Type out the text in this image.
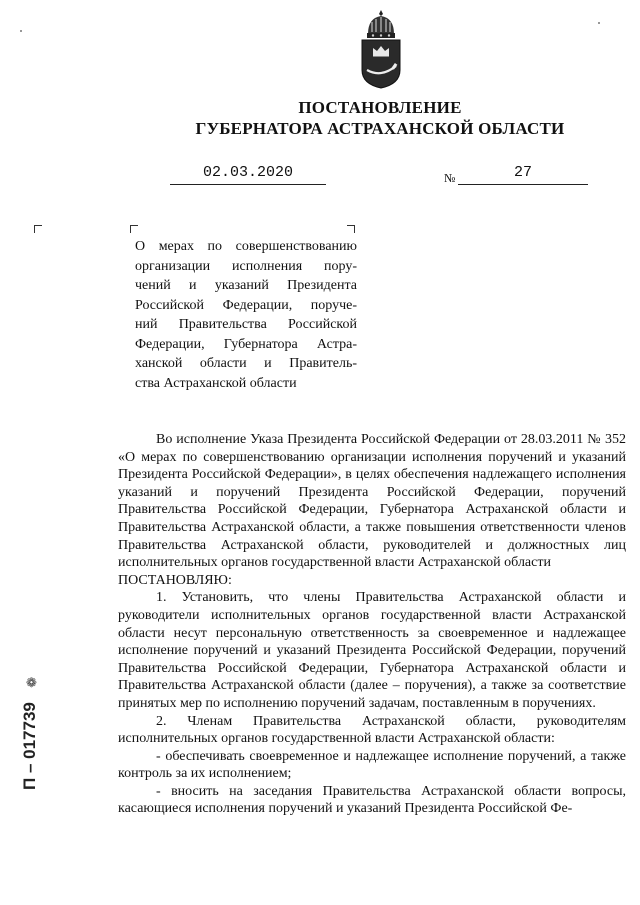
ПОСТАНОВЛЕНИЕ
ГУБЕРНАТОРА АСТРАХАНСКОЙ ОБЛАСТИ
02.03.2020	№	27
О мерах по совершенствованию
организации исполнения пору-
чений и указаний Президента
Российской Федерации, поруче-
ний Правительства Российской
Федерации, Губернатора Астра-
ханской области и Правитель-
ства Астраханской области

Во исполнение Указа Президента Российской Федерации от 28.03.2011 № 352 «О мерах по совершенствованию организации исполнения поручений и указаний Президента Российской Федерации», в целях обеспечения надлежащего исполнения указаний и поручений Президента Российской Федерации, поручений Правительства Российской Федерации, Губернатора Астраханской области и Правительства Астраханской области, а также повышения ответственности членов Правительства Астраханской области, руководителей и должностных лиц исполнительных органов государственной власти Астраханской области

ПОСТАНОВЛЯЮ:

1. Установить, что члены Правительства Астраханской области и руководители исполнительных органов государственной власти Астраханской области несут персональную ответственность за своевременное и надлежащее исполнение поручений и указаний Президента Российской Федерации, поручений Правительства Российской Федерации, Губернатора Астраханской области и Правительства Астраханской области (далее – поручения), а также за соответствие принятых мер по исполнению поручений задачам, поставленным в поручениях.

2. Членам Правительства Астраханской области, руководителям исполнительных органов государственной власти Астраханской области:

- обеспечивать своевременное и надлежащее исполнение поручений, а также контроль за их исполнением;

- вносить на заседания Правительства Астраханской области вопросы, касающиеся исполнения поручений и указаний Президента Российской Фе-

❁
П – 017739
